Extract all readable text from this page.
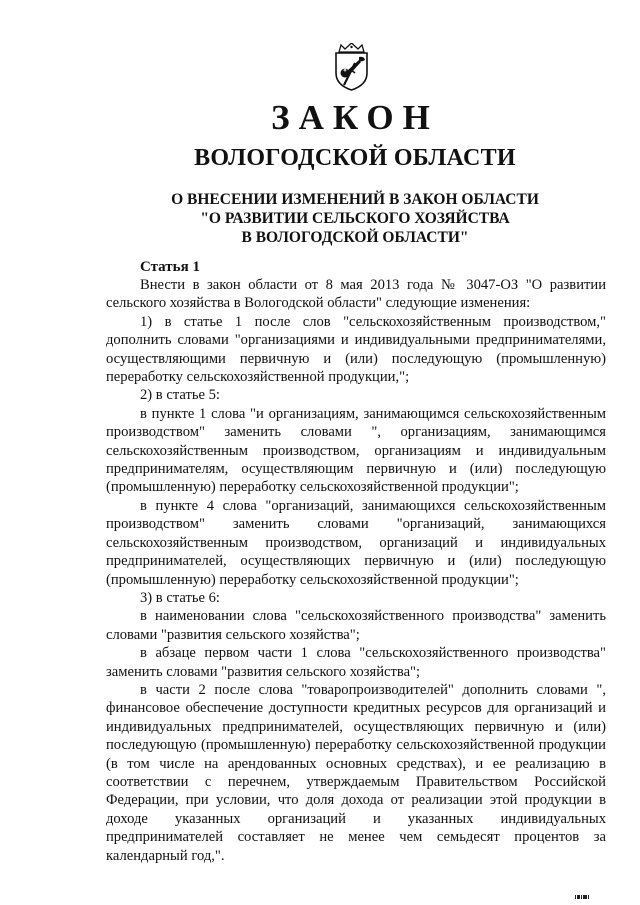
ЗАКОН
ВОЛОГОДСКОЙ ОБЛАСТИ
О ВНЕСЕНИИ ИЗМЕНЕНИЙ В ЗАКОН ОБЛАСТИ
"О РАЗВИТИИ СЕЛЬСКОГО ХОЗЯЙСТВА
В ВОЛОГОДСКОЙ ОБЛАСТИ"
Статья 1

Внести в закон области от 8 мая 2013 года № 3047-ОЗ "О развитии сельского хозяйства в Вологодской области" следующие изменения:

1) в статье 1 после слов "сельскохозяйственным производством," дополнить словами "организациями и индивидуальными предпринимателями, осуществляющими первичную и (или) последующую (промышленную) переработку сельскохозяйственной продукции,";

2) в статье 5:

в пункте 1 слова "и организациям, занимающимся сельскохозяйственным производством" заменить словами ", организациям, занимающимся сельскохозяйственным производством, организациям и индивидуальным предпринимателям, осуществляющим первичную и (или) последующую (промышленную) переработку сельскохозяйственной продукции";

в пункте 4 слова "организаций, занимающихся сельскохозяйственным производством" заменить словами "организаций, занимающихся сельскохозяйственным производством, организаций и индивидуальных предпринимателей, осуществляющих первичную и (или) последующую (промышленную) переработку сельскохозяйственной продукции";

3) в статье 6:

в наименовании слова "сельскохозяйственного производства" заменить словами "развития сельского хозяйства";

в абзаце первом части 1 слова "сельскохозяйственного производства" заменить словами "развития сельского хозяйства";

в части 2 после слова "товаропроизводителей" дополнить словами ", финансовое обеспечение доступности кредитных ресурсов для организаций и индивидуальных предпринимателей, осуществляющих первичную и (или) последующую (промышленную) переработку сельскохозяйственной продукции (в том числе на арендованных основных средствах), и ее реализацию в соответствии с перечнем, утверждаемым Правительством Российской Федерации, при условии, что доля дохода от реализации этой продукции в доходе указанных организаций и указанных индивидуальных предпринимателей составляет не менее чем семьдесят процентов за календарный год,".
